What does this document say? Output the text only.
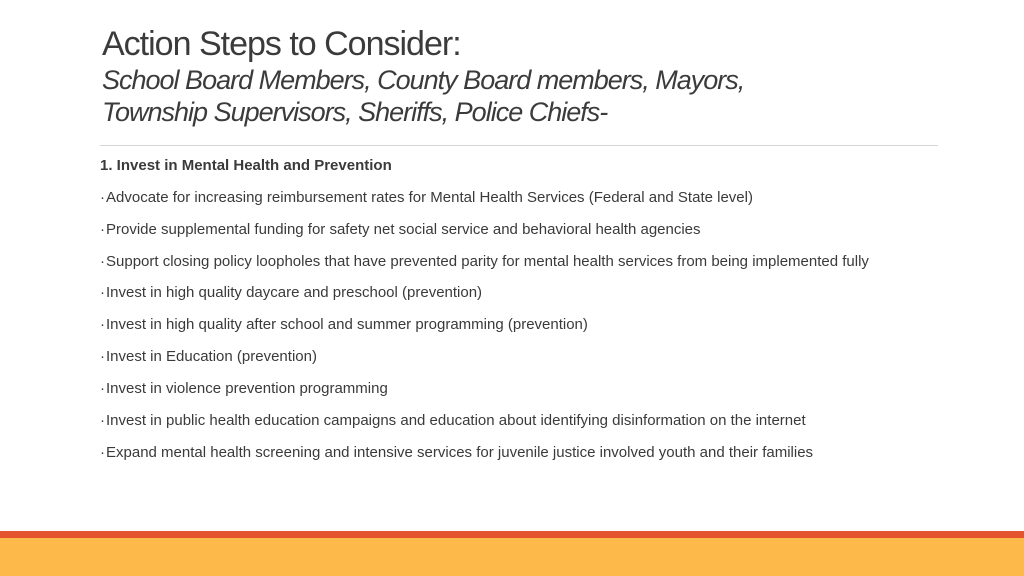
Action Steps to Consider:
School Board Members, County Board members, Mayors,
Township Supervisors, Sheriffs, Police Chiefs-
1. Invest in Mental Health and Prevention
·Advocate for increasing reimbursement rates for Mental Health Services (Federal and State level)
·Provide supplemental funding for safety net social service and behavioral health agencies
·Support closing policy loopholes that have prevented parity for mental health services from being implemented fully
·Invest in high quality daycare and preschool (prevention)
·Invest in high quality after school and summer programming (prevention)
·Invest in Education (prevention)
·Invest in violence prevention programming
·Invest in public health education campaigns and education about identifying disinformation on the internet
·Expand mental health screening and intensive services for juvenile justice involved youth and their families
